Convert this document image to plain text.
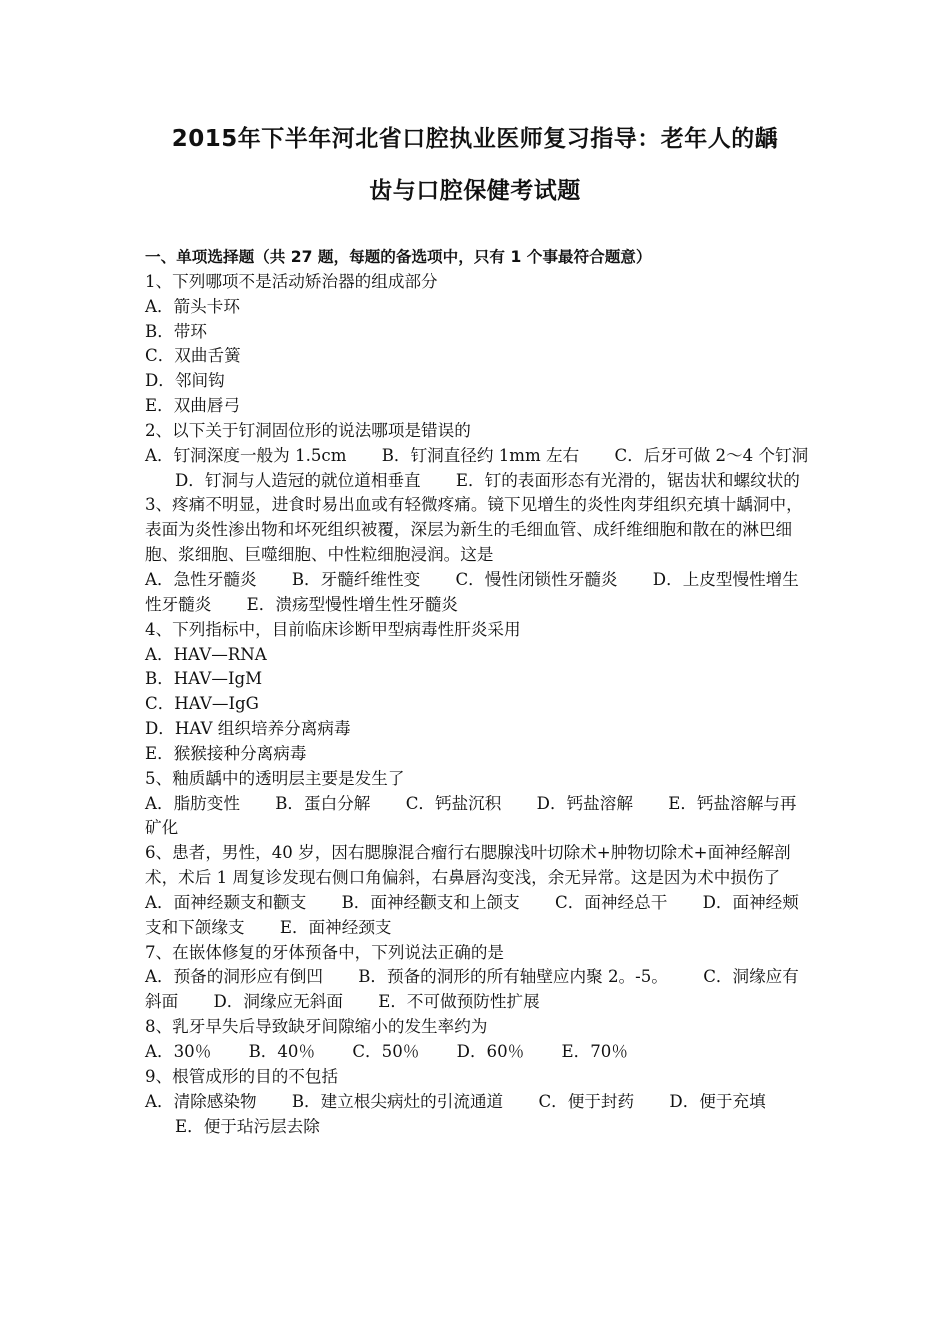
2015年下半年河北省口腔执业医师复习指导：老年人的龋
齿与口腔保健考试题
一、单项选择题（共 27 题，每题的备选项中，只有 1 个事最符合题意）
1、下列哪项不是活动矫治器的组成部分
A．箭头卡环
B．带环
C．双曲舌簧
D．邻间钩
E．双曲唇弓
2、以下关于钉洞固位形的说法哪项是错误的
A．钉洞深度一般为 1.5cm B．钉洞直径约 1mm 左右 C．后牙可做 2～4 个钉洞 D．钉洞与人造冠的就位道相垂直 E．钉的表面形态有光滑的，锯齿状和螺纹状的
3、疼痛不明显，进食时易出血或有轻微疼痛。镜下见增生的炎性肉芽组织充填十龋洞中，表面为炎性渗出物和坏死组织被覆，深层为新生的毛细血管、成纤维细胞和散在的淋巴细胞、浆细胞、巨噬细胞、中性粒细胞浸润。这是
A．急性牙髓炎 B．牙髓纤维性变 C．慢性闭锁性牙髓炎 D．上皮型慢性增生性牙髓炎 E．溃疡型慢性增生性牙髓炎
4、下列指标中，目前临床诊断甲型病毒性肝炎采用
A．HAV—RNA
B．HAV—IgM
C．HAV—IgG
D．HAV 组织培养分离病毒
E．猴猴接种分离病毒
5、釉质龋中的透明层主要是发生了
A．脂肪变性 B．蛋白分解 C．钙盐沉积 D．钙盐溶解 E．钙盐溶解与再矿化
6、患者，男性，40 岁，因右腮腺混合瘤行右腮腺浅叶切除术+肿物切除术+面神经解剖术，术后 1 周复诊发现右侧口角偏斜，右鼻唇沟变浅，余无异常。这是因为术中损伤了
A．面神经颞支和颧支 B．面神经颧支和上颌支 C．面神经总干 D．面神经颊支和下颌缘支 E．面神经颈支
7、在嵌体修复的牙体预备中，下列说法正确的是
A．预备的洞形应有倒凹 B．预备的洞形的所有轴壁应内聚 2。-5。 C．洞缘应有斜面 D．洞缘应无斜面 E．不可做预防性扩展
8、乳牙早失后导致缺牙间隙缩小的发生率约为
A．30％ B．40％ C．50％ D．60％ E．70％
9、根管成形的目的不包括
A．清除感染物 B．建立根尖病灶的引流通道 C．便于封药 D．便于充填 E．便于玷污层去除
